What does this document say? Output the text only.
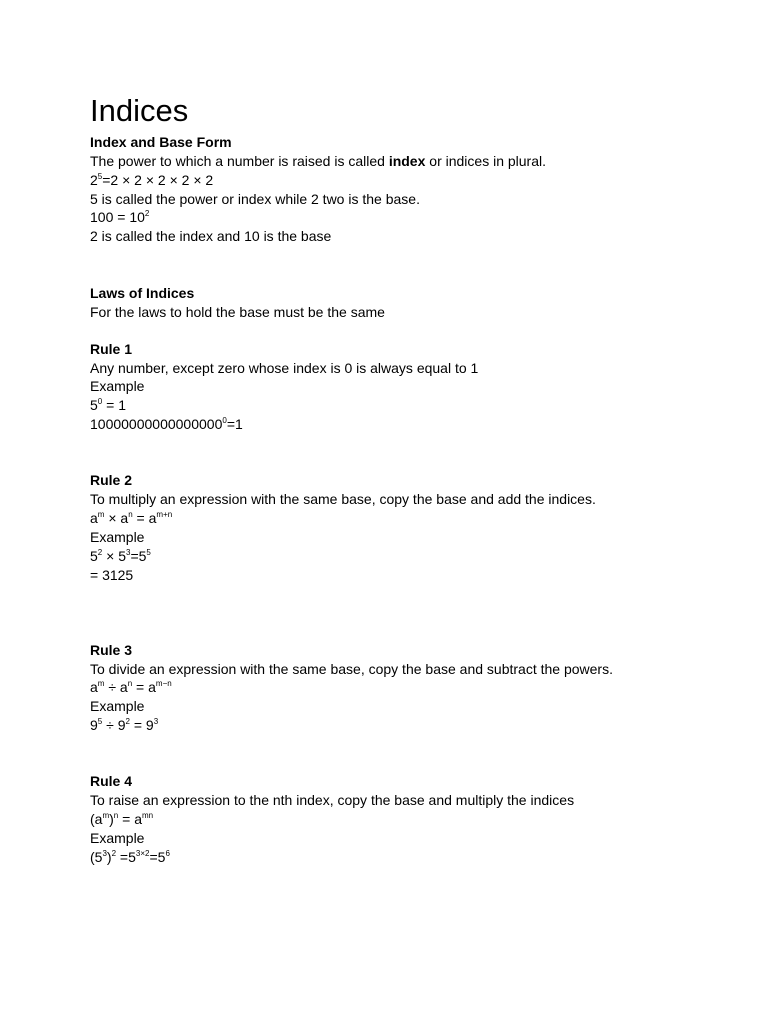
Indices
Index and Base Form
The power to which a number is raised is called index or indices in plural.
$2^5=2 \times 2 \times 2 \times 2 \times 2$
5 is called the power or index while 2 two is the base.
$100 = 10^2$
2 is called the index and 10 is the base
Laws of Indices
For the laws to hold the base must be the same
Rule 1
Any number, except zero whose index is 0 is always equal to 1
Example
$5^0 = 1$
$10000000000000000^0=1$
Rule 2
To multiply an expression with the same base, copy the base and add the indices.
$a^m \times a^n = a^{m+n}$
Example
$5^2 \times 5^3=5^5$
= 3125
Rule 3
To divide an expression with the same base, copy the base and subtract the powers.
$a^m \div a^n = a^{m-n}$
Example
$9^5 \div 9^2 = 9^3$
Rule 4
To raise an expression to the nth index, copy the base and multiply the indices
$(a^m)^n = a^{mn}$
Example
$(5^3)^2 =5^{3\times 2}=5^6$
